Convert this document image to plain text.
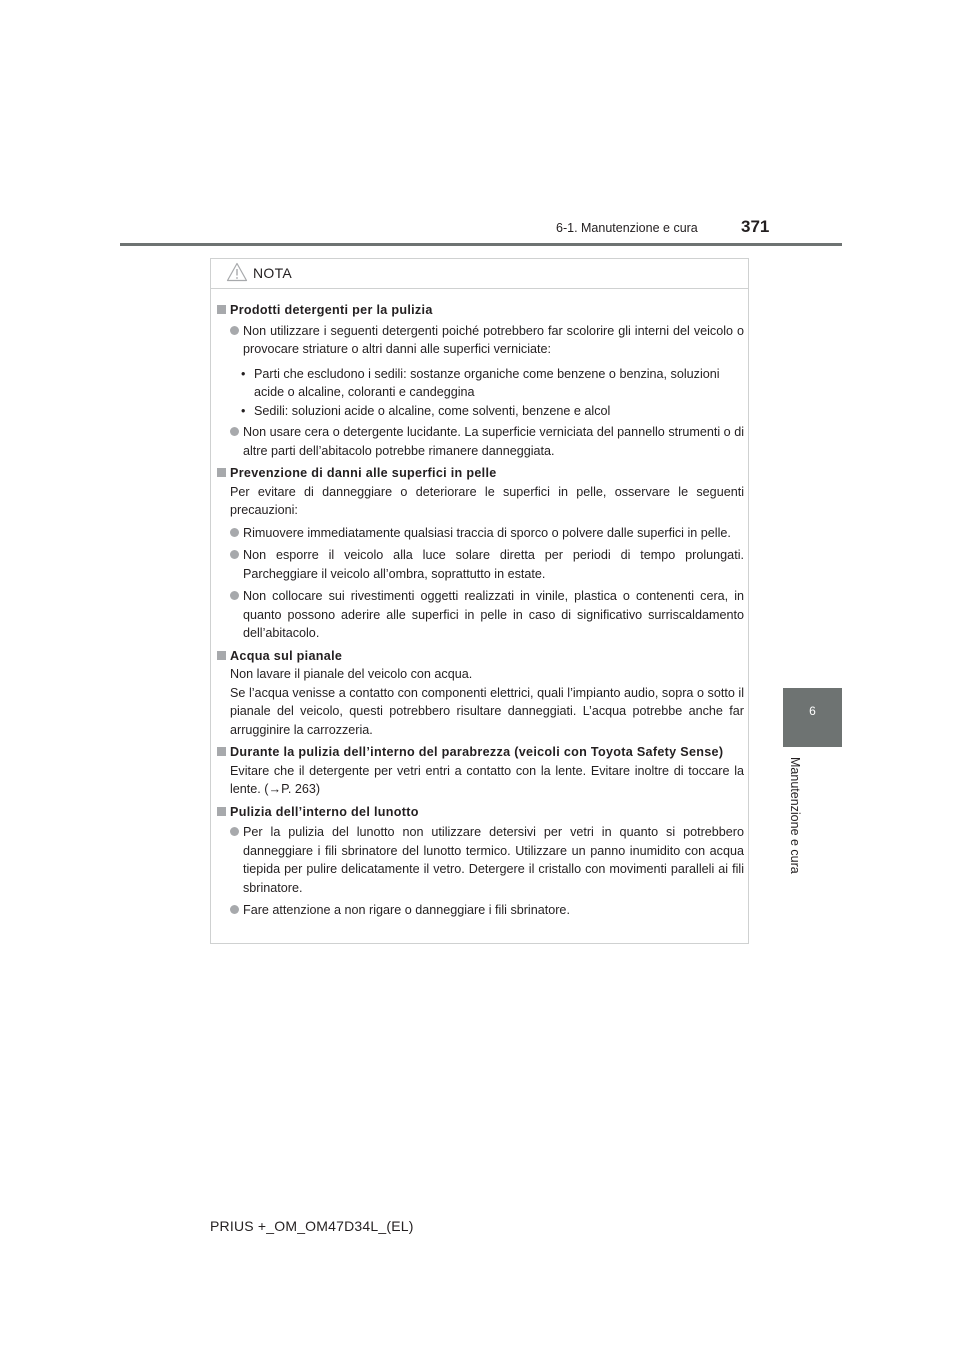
6-1. Manutenzione e cura	371
6
Manutenzione e cura
NOTA
Prodotti detergenti per la pulizia
Non utilizzare i seguenti detergenti poiché potrebbero far scolorire gli interni del veicolo o provocare striature o altri danni alle superfici verniciate:
• Parti che escludono i sedili: sostanze organiche come benzene o benzina, soluzioni acide o alcaline, coloranti e candeggina
• Sedili: soluzioni acide o alcaline, come solventi, benzene e alcol
Non usare cera o detergente lucidante. La superficie verniciata del pannello strumenti o di altre parti dell’abitacolo potrebbe rimanere danneggiata.
Prevenzione di danni alle superfici in pelle
Per evitare di danneggiare o deteriorare le superfici in pelle, osservare le seguenti precauzioni:
Rimuovere immediatamente qualsiasi traccia di sporco o polvere dalle superfici in pelle.
Non esporre il veicolo alla luce solare diretta per periodi di tempo prolungati. Parcheggiare il veicolo all’ombra, soprattutto in estate.
Non collocare sui rivestimenti oggetti realizzati in vinile, plastica o contenenti cera, in quanto possono aderire alle superfici in pelle in caso di significativo surriscaldamento dell’abitacolo.
Acqua sul pianale
Non lavare il pianale del veicolo con acqua.
Se l’acqua venisse a contatto con componenti elettrici, quali l’impianto audio, sopra o sotto il pianale del veicolo, questi potrebbero risultare danneggiati. L’acqua potrebbe anche far arrugginire la carrozzeria.
Durante la pulizia dell’interno del parabrezza (veicoli con Toyota Safety Sense)
Evitare che il detergente per vetri entri a contatto con la lente. Evitare inoltre di toccare la lente. (→P. 263)
Pulizia dell’interno del lunotto
Per la pulizia del lunotto non utilizzare detersivi per vetri in quanto si potrebbero danneggiare i fili sbrinatore del lunotto termico. Utilizzare un panno inumidito con acqua tiepida per pulire delicatamente il vetro. Detergere il cristallo con movimenti paralleli ai fili sbrinatore.
Fare attenzione a non rigare o danneggiare i fili sbrinatore.
PRIUS +_OM_OM47D34L_(EL)
